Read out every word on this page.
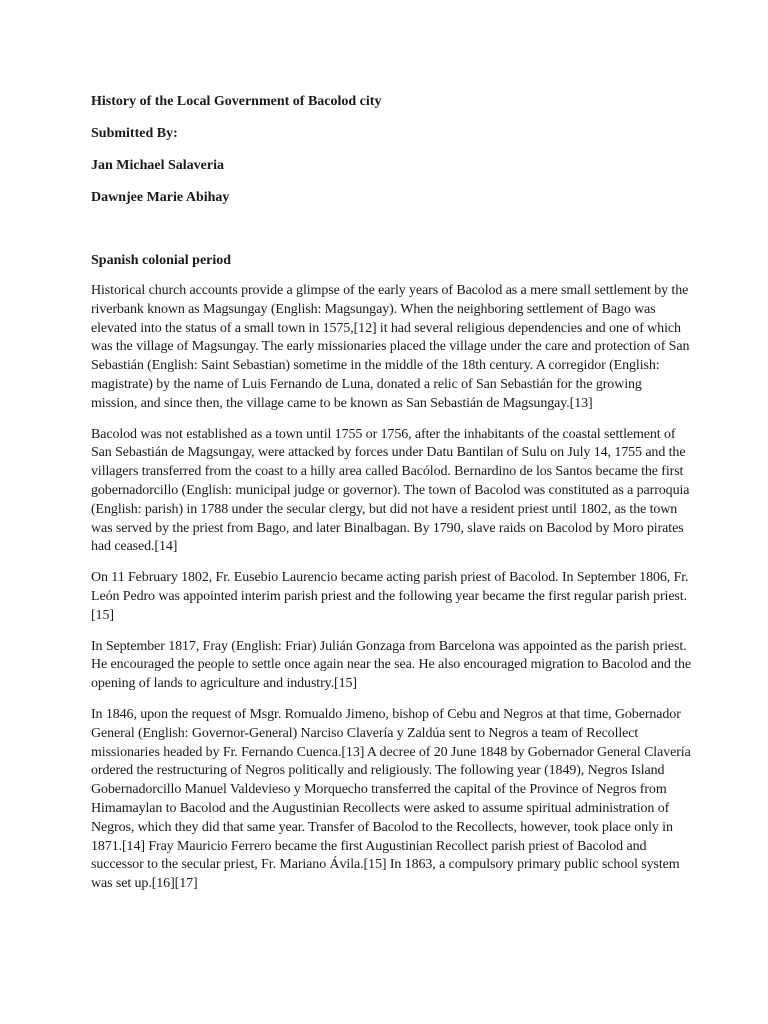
History of the Local Government of Bacolod city

Submitted By:

Jan Michael Salaveria

Dawnjee Marie Abihay

Spanish colonial period

Historical church accounts provide a glimpse of the early years of Bacolod as a mere small settlement by the riverbank known as Magsungay (English: Magsungay). When the neighboring settlement of Bago was elevated into the status of a small town in 1575,[12] it had several religious dependencies and one of which was the village of Magsungay. The early missionaries placed the village under the care and protection of San Sebastián (English: Saint Sebastian) sometime in the middle of the 18th century. A corregidor (English: magistrate) by the name of Luis Fernando de Luna, donated a relic of San Sebastián for the growing mission, and since then, the village came to be known as San Sebastián de Magsungay.[13]

Bacolod was not established as a town until 1755 or 1756, after the inhabitants of the coastal settlement of San Sebastián de Magsungay, were attacked by forces under Datu Bantilan of Sulu on July 14, 1755 and the villagers transferred from the coast to a hilly area called Bacólod. Bernardino de los Santos became the first gobernadorcillo (English: municipal judge or governor). The town of Bacolod was constituted as a parroquia (English: parish) in 1788 under the secular clergy, but did not have a resident priest until 1802, as the town was served by the priest from Bago, and later Binalbagan. By 1790, slave raids on Bacolod by Moro pirates had ceased.[14]

On 11 February 1802, Fr. Eusebio Laurencio became acting parish priest of Bacolod. In September 1806, Fr. León Pedro was appointed interim parish priest and the following year became the first regular parish priest.[15]

In September 1817, Fray (English: Friar) Julián Gonzaga from Barcelona was appointed as the parish priest. He encouraged the people to settle once again near the sea. He also encouraged migration to Bacolod and the opening of lands to agriculture and industry.[15]

In 1846, upon the request of Msgr. Romualdo Jimeno, bishop of Cebu and Negros at that time, Gobernador General (English: Governor-General) Narciso Clavería y Zaldúa sent to Negros a team of Recollect missionaries headed by Fr. Fernando Cuenca.[13] A decree of 20 June 1848 by Gobernador General Clavería ordered the restructuring of Negros politically and religiously. The following year (1849), Negros Island Gobernadorcillo Manuel Valdevieso y Morquecho transferred the capital of the Province of Negros from Himamaylan to Bacolod and the Augustinian Recollects were asked to assume spiritual administration of Negros, which they did that same year. Transfer of Bacolod to the Recollects, however, took place only in 1871.[14] Fray Mauricio Ferrero became the first Augustinian Recollect parish priest of Bacolod and successor to the secular priest, Fr. Mariano Ávila.[15] In 1863, a compulsory primary public school system was set up.[16][17]
